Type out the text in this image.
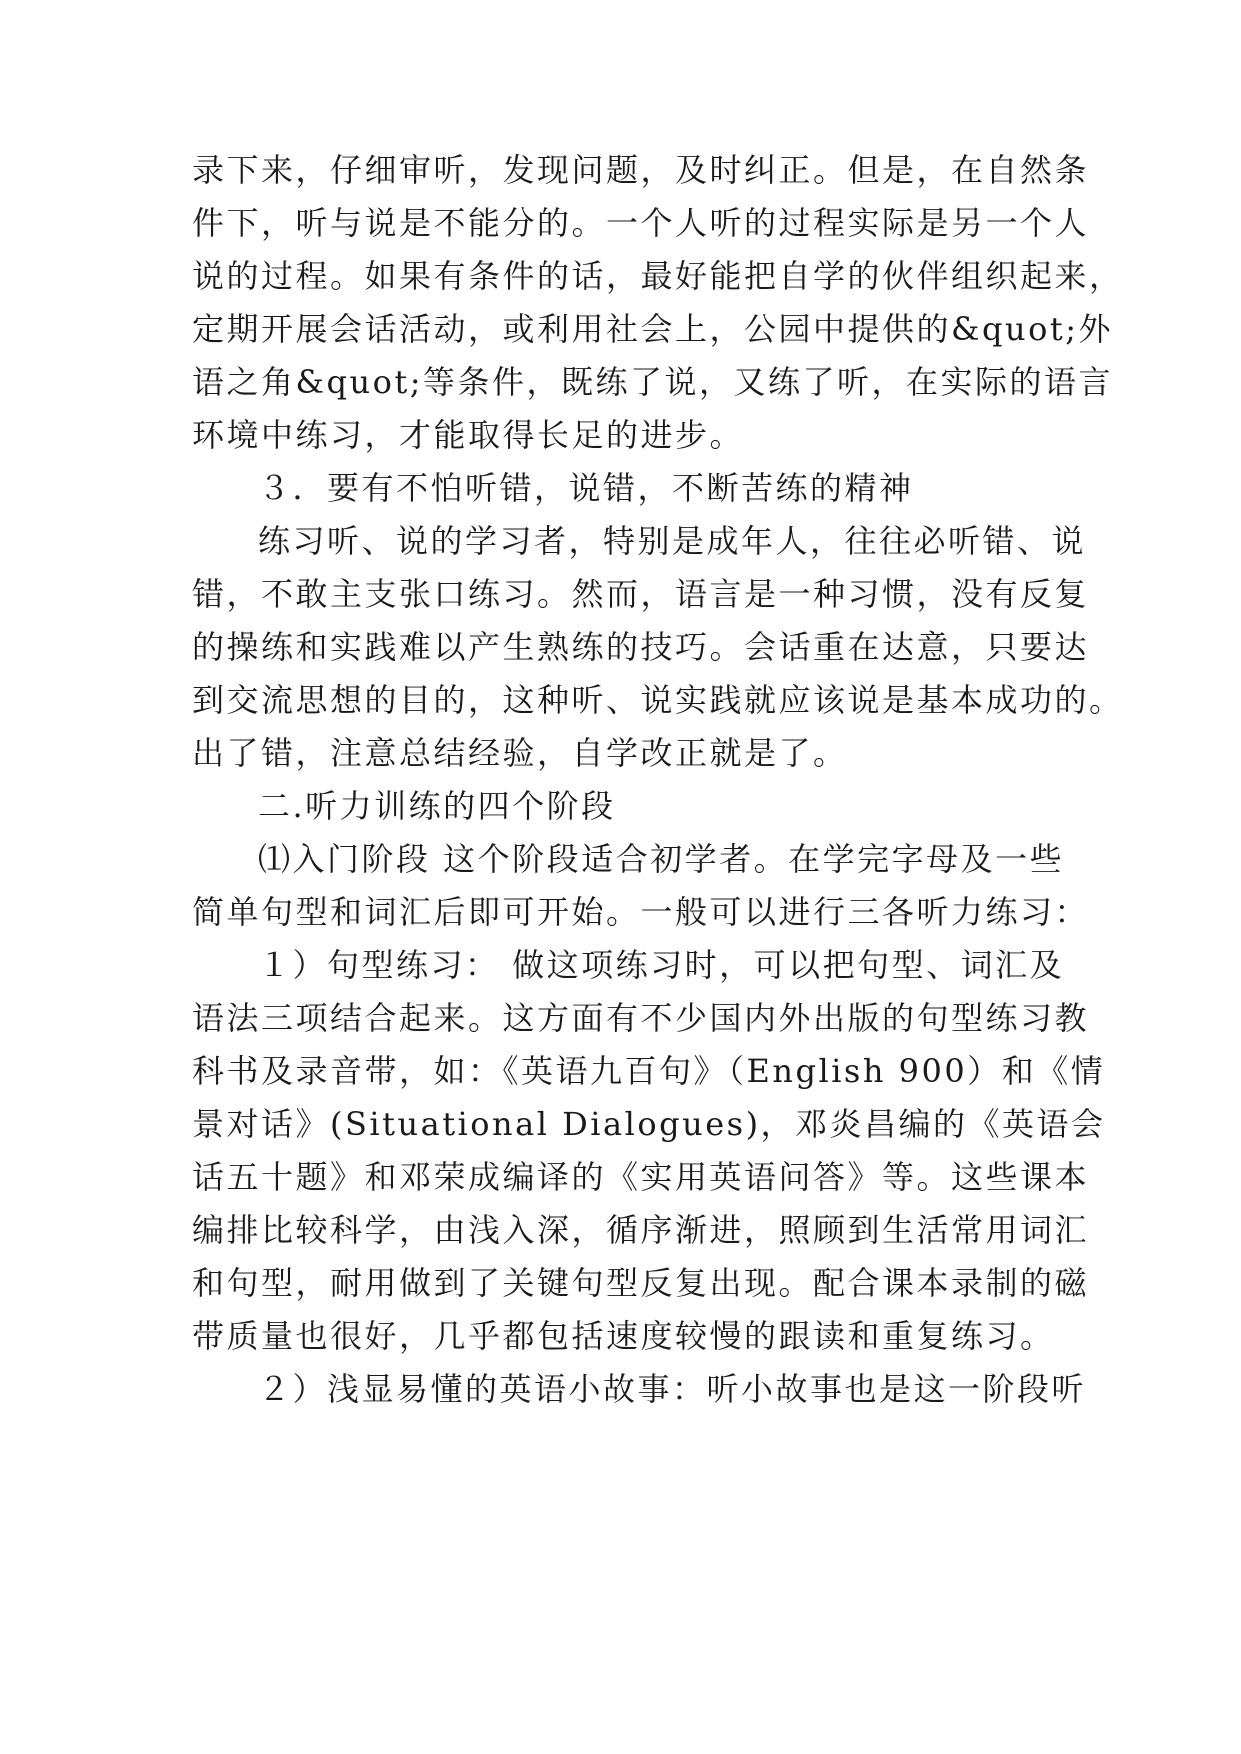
录下来，仔细审听，发现问题，及时纠正。但是，在自然条
件下，听与说是不能分的。一个人听的过程实际是另一个人
说的过程。如果有条件的话，最好能把自学的伙伴组织起来，
定期开展会话活动，或利用社会上，公园中提供的&quot;外
语之角&quot;等条件，既练了说，又练了听，在实际的语言
环境中练习，才能取得长足的进步。
３．要有不怕听错，说错，不断苦练的精神
练习听、说的学习者，特别是成年人，往往必听错、说
错，不敢主支张口练习。然而，语言是一种习惯，没有反复
的操练和实践难以产生熟练的技巧。会话重在达意，只要达
到交流思想的目的，这种听、说实践就应该说是基本成功的。
出了错，注意总结经验，自学改正就是了。
二.听力训练的四个阶段
⑴入门阶段 这个阶段适合初学者。在学完字母及一些
简单句型和词汇后即可开始。一般可以进行三各听力练习：
１）句型练习： 做这项练习时，可以把句型、词汇及
语法三项结合起来。这方面有不少国内外出版的句型练习教
科书及录音带，如：《英语九百句》（English 900）和《情
景对话》(Situational Dialogues)，邓炎昌编的《英语会
话五十题》和邓荣成编译的《实用英语问答》等。这些课本
编排比较科学，由浅入深，循序渐进，照顾到生活常用词汇
和句型，耐用做到了关键句型反复出现。配合课本录制的磁
带质量也很好，几乎都包括速度较慢的跟读和重复练习。
２）浅显易懂的英语小故事：听小故事也是这一阶段听
